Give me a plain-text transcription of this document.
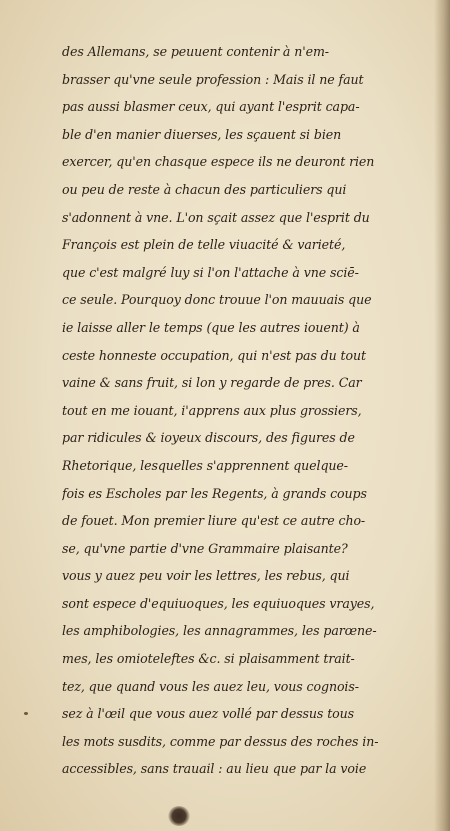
des Allemans, se peuuent contenir à n'em-
brasser qu'vne seule profession : Mais il ne faut
pas aussi blasmer ceux, qui ayant l'esprit capa-
ble d'en manier diuerses, les sçauent si bien
exercer, qu'en chasque espece ils ne deuront rien
ou peu de reste à chacun des particuliers qui
s'adonnent à vne. L'on sçait assez que l'esprit du
François est plein de telle viuacité & varieté,
que c'est malgré luy si l'on l'attache à vne sciē-
ce seule. Pourquoy donc trouue l'on mauuais que
ie laisse aller le temps (que les autres iouent) à
ceste honneste occupation, qui n'est pas du tout
vaine & sans fruit, si lon y regarde de pres. Car
tout en me iouant, i'apprens aux plus grossiers,
par ridicules & ioyeux discours, des figures de
Rhetorique, lesquelles s'apprennent quelque-
fois es Escholes par les Regents, à grands coups
de fouet. Mon premier liure qu'est ce autre cho-
se, qu'vne partie d'vne Grammaire plaisante?
vous y auez peu voir les lettres, les rebus, qui
sont espece d'equiuoques, les equiuoques vrayes,
les amphibologies, les annagrammes, les parœne-
mes, les omioteleftes &c. si plaisamment trait-
tez, que quand vous les auez leu, vous cognois-
sez à l'œil que vous auez vollé par dessus tous
les mots susdits, comme par dessus des roches in-
accessibles, sans trauail : au lieu que par la voie
